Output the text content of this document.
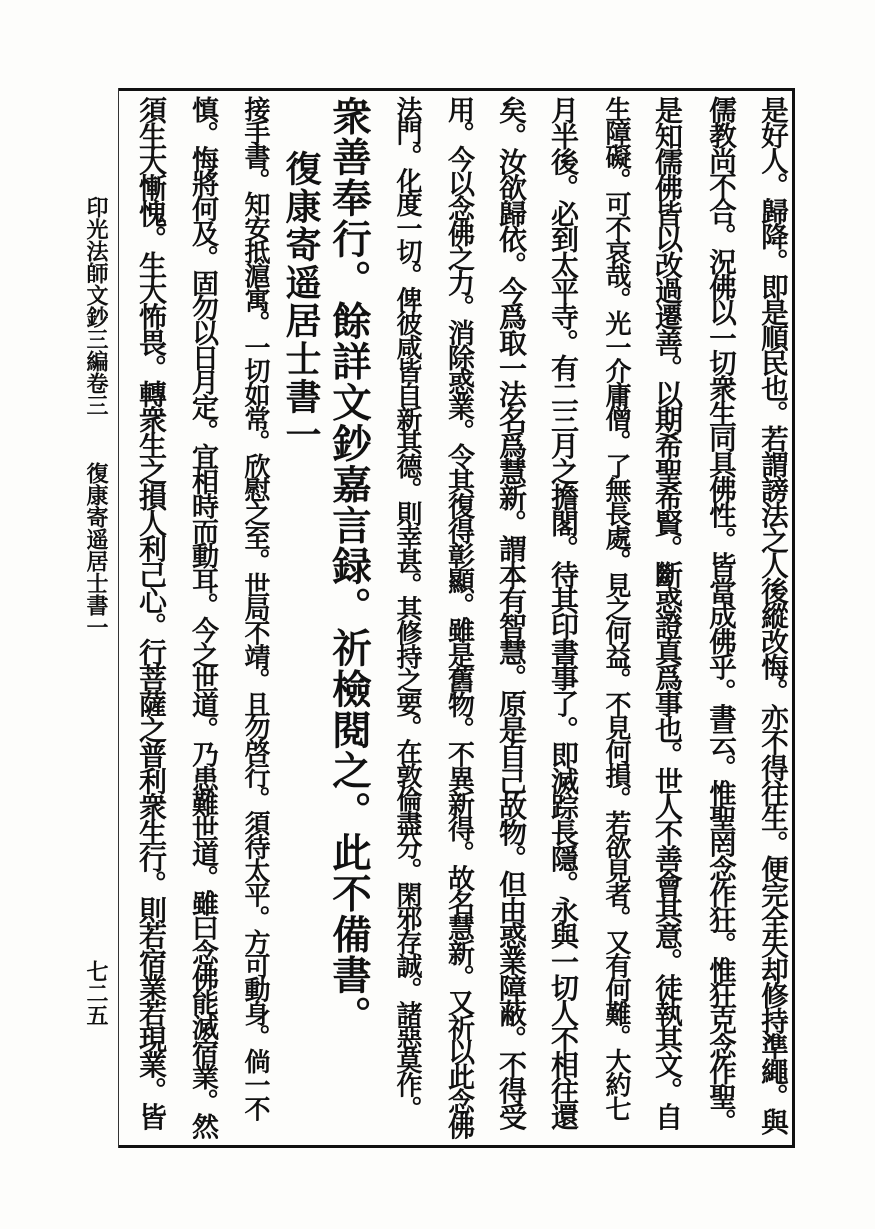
是好人。歸降。即是順民也。若謂謗法之人後縱改悔。亦不得往生。便完全失却修持準繩。與
儒教尚不合。況佛以一切衆生同具佛性。皆當成佛乎。書云。惟聖罔念作狂。惟狂克念作聖。
是知儒佛皆以改過遷善。以期希聖希賢。斷惑證真爲事也。世人不善會其意。徒執其文。自
生障礙。可不哀哉。光一介庸僧。了無長處。見之何益。不見何損。若欲見者。又有何難。大約七
月半後。必到太平寺。有二三月之擔閣。待其印書事了。即滅踪長隱。永與一切人不相往還
矣。汝欲歸依。今爲取一法名爲慧新。謂本有智慧。原是自己故物。但由惑業障蔽。不得受
用。今以念佛之力。消除惑業。令其復得彰顯。雖是舊物。不異新得。故名慧新。又祈以此念佛
法門。化度一切。俾彼咸皆自新其德。則幸甚。其修持之要。在敦倫盡分。閑邪存誠。諸惡莫作。
衆善奉行。餘詳文鈔嘉言録。祈檢閱之。此不備書。
復康寄遥居士書一
接手書。知安抵滬寓。一切如常。欣慰之至。世局不靖。且勿啓行。須待太平。方可動身。倘一不
慎。悔將何及。固勿以日月定。宜相時而動耳。今之世道。乃患難世道。雖曰念佛能滅宿業。然
須生大慚愧。生大怖畏。轉衆生之損人利己心。行菩薩之普利衆生行。則若宿業若現業。皆
印光法師文鈔三編卷三
復康寄遥居士書一
七二五
